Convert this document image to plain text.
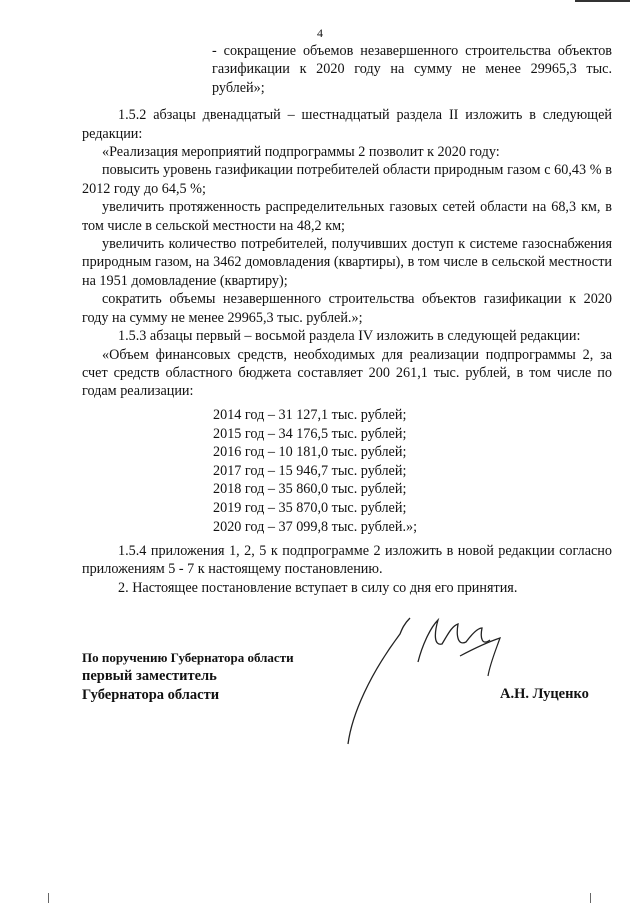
4

- сокращение объемов незавершенного строительства объектов газификации к 2020 году на сумму не менее 29965,3 тыс. рублей»;

1.5.2 абзацы двенадцатый – шестнадцатый раздела II изложить в следующей редакции:

«Реализация мероприятий подпрограммы 2 позволит к 2020 году:

повысить уровень газификации потребителей области природным газом с 60,43 % в 2012 году до 64,5 %;

увеличить протяженность распределительных газовых сетей области на 68,3 км, в том числе в сельской местности на 48,2 км;

увеличить количество потребителей, получивших доступ к системе газоснабжения природным газом, на 3462 домовладения (квартиры), в том числе в сельской местности на 1951 домовладение (квартиру);

сократить объемы незавершенного строительства объектов газификации к 2020 году на сумму не менее 29965,3 тыс. рублей.»;

1.5.3 абзацы первый – восьмой раздела IV изложить в следующей редакции:

«Объем финансовых средств, необходимых для реализации подпрограммы 2, за счет средств областного бюджета составляет 200 261,1 тыс. рублей, в том числе по годам реализации:

2014 год – 31 127,1 тыс. рублей;
2015 год – 34 176,5 тыс. рублей;
2016 год – 10 181,0 тыс. рублей;
2017 год – 15 946,7 тыс. рублей;
2018 год – 35 860,0 тыс. рублей;
2019 год – 35 870,0 тыс. рублей;
2020 год – 37 099,8 тыс. рублей.»;

1.5.4 приложения 1, 2, 5 к подпрограмме 2 изложить в новой редакции согласно приложениям 5 - 7 к настоящему постановлению.

2. Настоящее постановление вступает в силу со дня его принятия.

По поручению Губернатора области
первый заместитель
Губернатора области	А.Н. Луценко
